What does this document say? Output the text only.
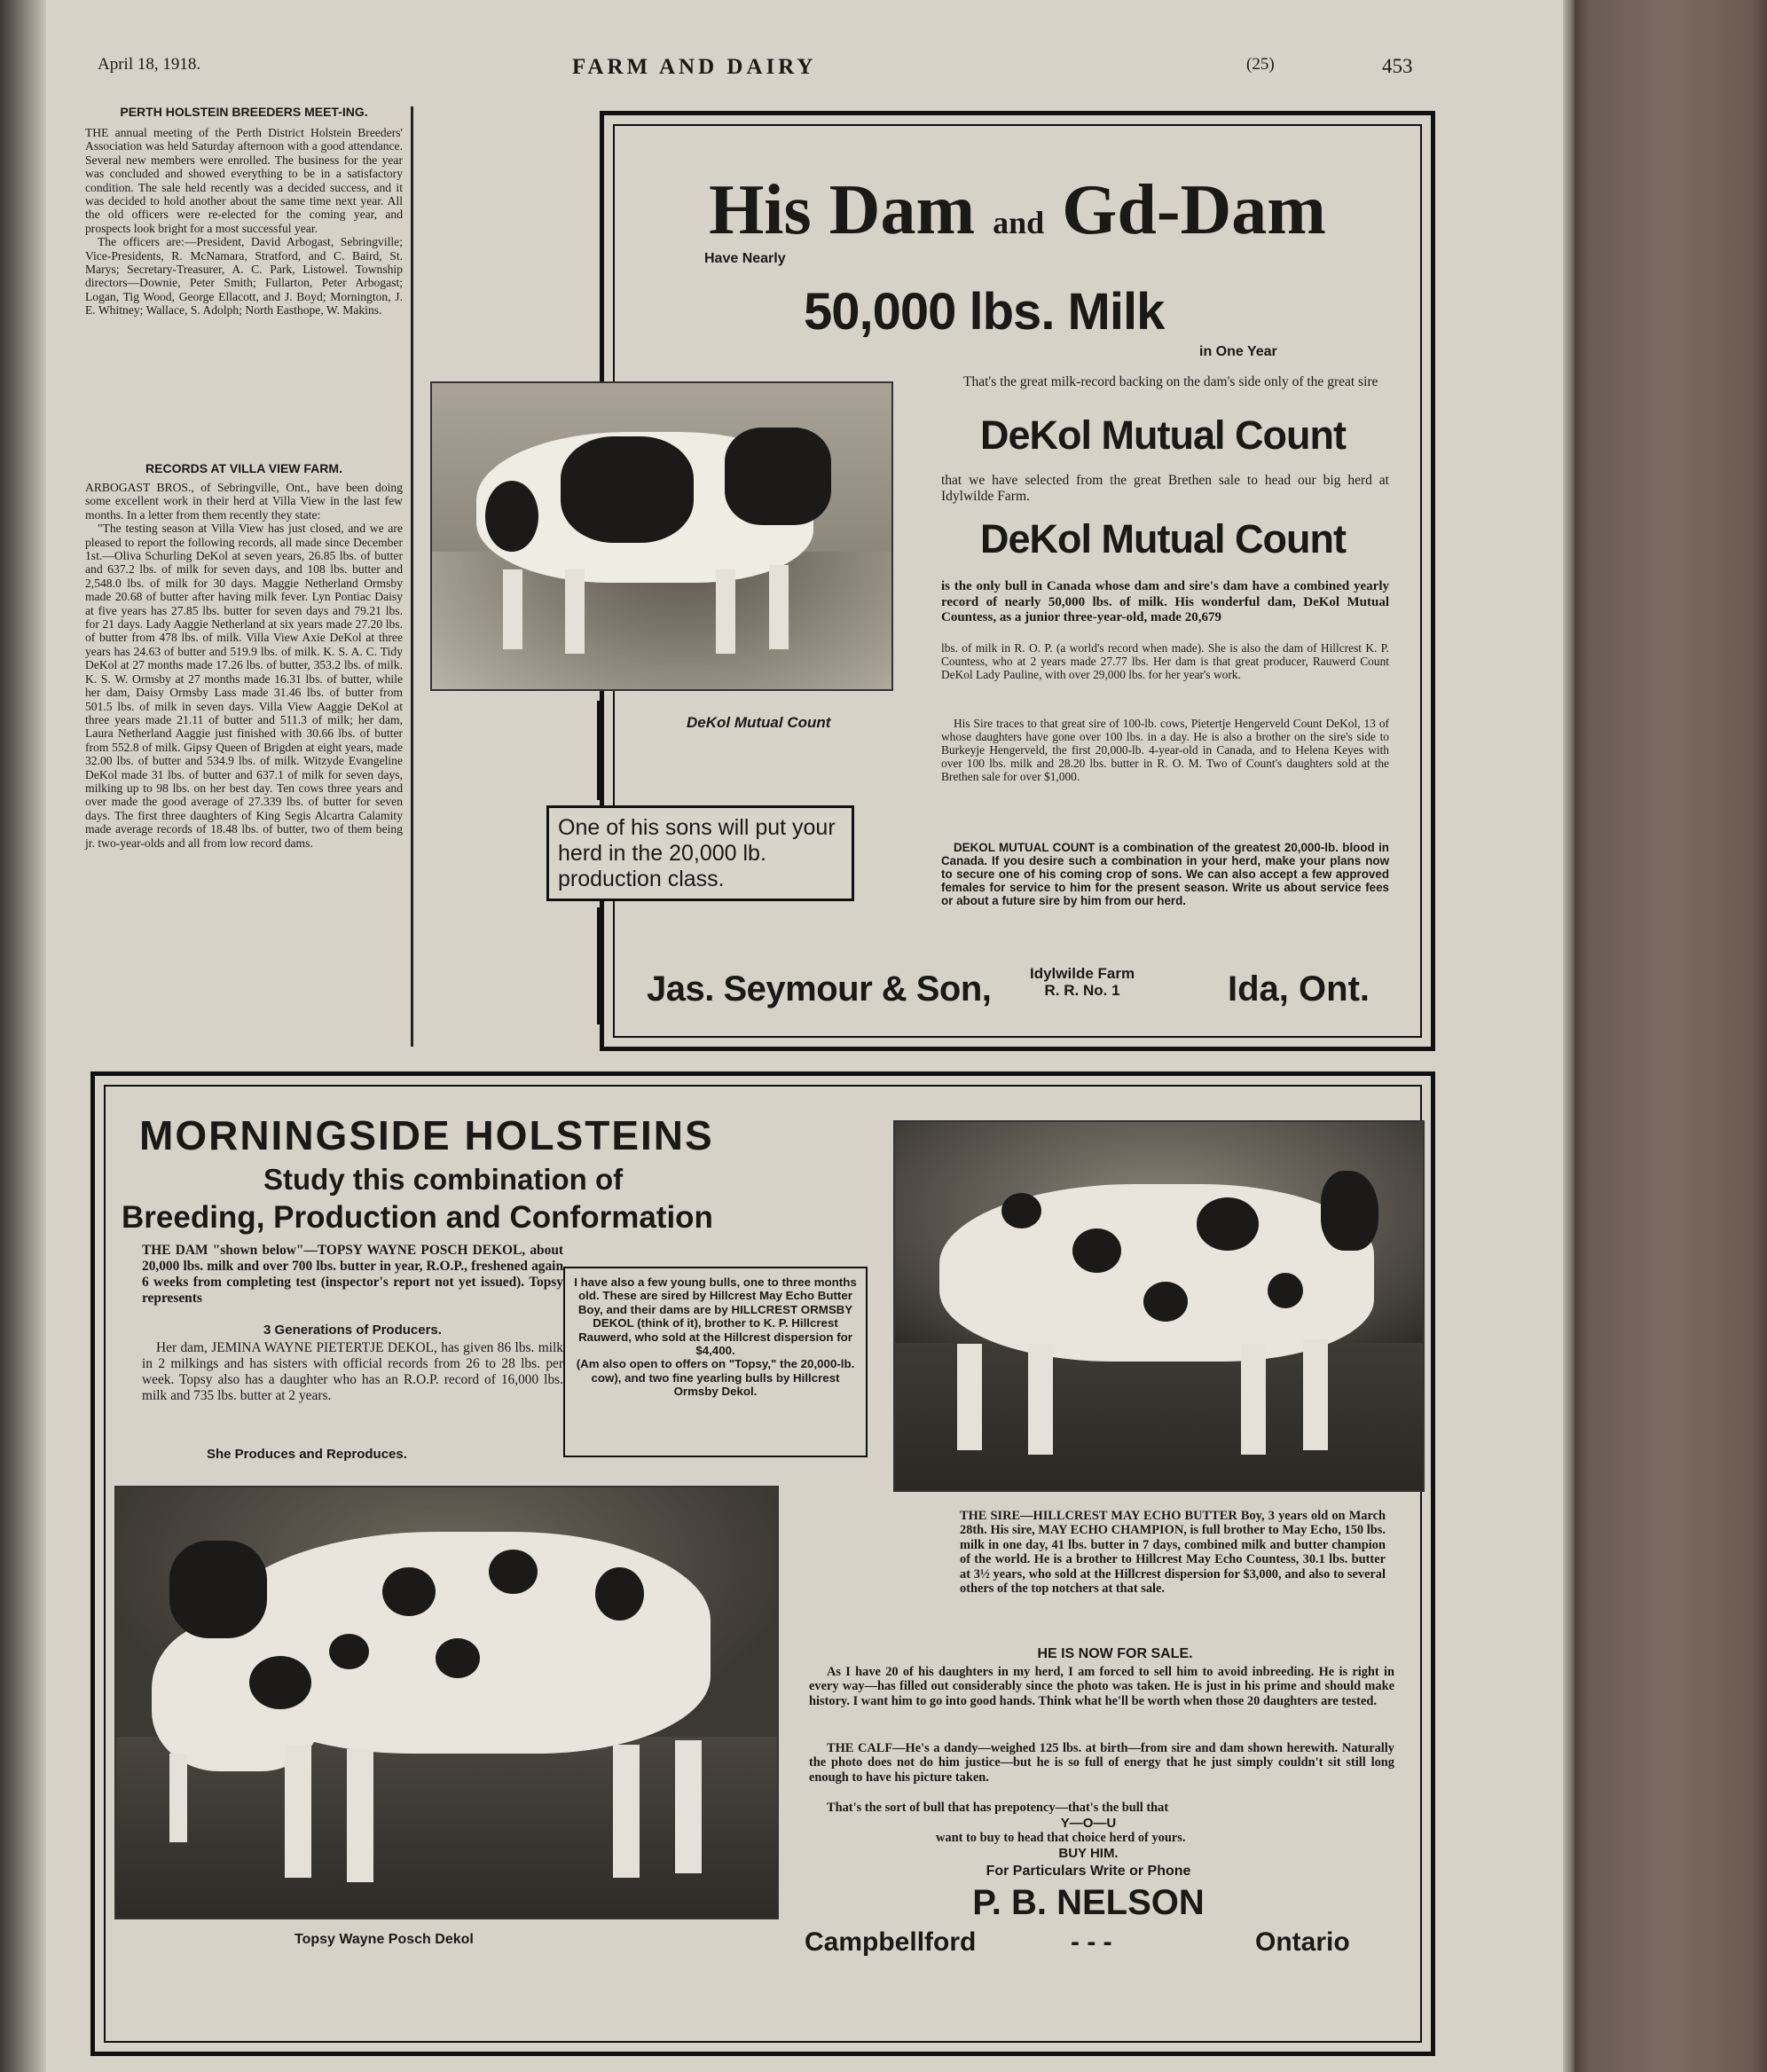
April 18, 1918.	FARM AND DAIRY	(25)	453
PERTH HOLSTEIN BREEDERS MEET-ING.

THE annual meeting of the Perth District Holstein Breeders' Association was held Saturday afternoon with a good attendance. Several new members were enrolled. The business for the year was concluded and showed everything to be in a satisfactory condition. The sale held recently was a decided success, and it was decided to hold another about the same time next year. All the old officers were re-elected for the coming year, and prospects look bright for a most successful year.

The officers are:—President, David Arbogast, Sebringville; Vice-Presidents, R. McNamara, Stratford, and C. Baird, St. Marys; Secretary-Treasurer, A. C. Park, Listowel. Township directors—Downie, Peter Smith; Fullarton, Peter Arbogast; Logan, Tig Wood, George Ellacott, and J. Boyd; Mornington, J. E. Whitney; Wallace, S. Adolph; North Easthope, W. Makins.

RECORDS AT VILLA VIEW FARM.

ARBOGAST BROS., of Sebringville, Ont., have been doing some excellent work in their herd at Villa View in the last few months. In a letter from them recently they state:

"The testing season at Villa View has just closed, and we are pleased to report the following records, all made since December 1st.—Oliva Schurling DeKol at seven years, 26.85 lbs. of butter and 637.2 lbs. of milk for seven days, and 108 lbs. butter and 2,548.0 lbs. of milk for 30 days. Maggie Netherland Ormsby made 20.68 of butter after having milk fever. Lyn Pontiac Daisy at five years has 27.85 lbs. butter for seven days and 79.21 lbs. for 21 days. Lady Aaggie Netherland at six years made 27.20 lbs. of butter from 478 lbs. of milk. Villa View Axie DeKol at three years has 24.63 of butter and 519.9 lbs. of milk. K. S. A. C. Tidy DeKol at 27 months made 17.26 lbs. of butter, 353.2 lbs. of milk. K. S. W. Ormsby at 27 months made 16.31 lbs. of butter, while her dam, Daisy Ormsby Lass made 31.46 lbs. of butter from 501.5 lbs. of milk in seven days. Villa View Aaggie DeKol at three years made 21.11 of butter and 511.3 of milk; her dam, Laura Netherland Aaggie just finished with 30.66 lbs. of butter from 552.8 of milk. Gipsy Queen of Brigden at eight years, made 32.00 lbs. of butter and 534.9 lbs. of milk. Witzyde Evangeline DeKol made 31 lbs. of butter and 637.1 of milk for seven days, milking up to 98 lbs. on her best day. Ten cows three years and over made the good average of 27.339 lbs. of butter for seven days. The first three daughters of King Segis Alcartra Calamity made average records of 18.48 lbs. of butter, two of them being jr. two-year-olds and all from low record dams.

His Dam and Gd-Dam
Have Nearly
50,000 lbs. Milk
in One Year
DeKol Mutual Count
That's the great milk-record backing on the dam's side only of the great sire
DeKol Mutual Count
that we have selected from the great Brethen sale to head our big herd at Idylwilde Farm.
DeKol Mutual Count
is the only bull in Canada whose dam and sire's dam have a combined yearly record of nearly 50,000 lbs. of milk. His wonderful dam, DeKol Mutual Countess, as a junior three-year-old, made 20,679
lbs. of milk in R. O. P. (a world's record when made). She is also the dam of Hillcrest K. P. Countess, who at 2 years made 27.77 lbs. Her dam is that great producer, Rauwerd Count DeKol Lady Pauline, with over 29,000 lbs. for her year's work.
His Sire traces to that great sire of 100-lb. cows, Pietertje Hengerveld Count DeKol, 13 of whose daughters have gone over 100 lbs. in a day. He is also a brother on the sire's side to Burkeyje Hengerveld, the first 20,000-lb. 4-year-old in Canada, and to Helena Keyes with over 100 lbs. milk and 28.20 lbs. butter in R. O. M. Two of Count's daughters sold at the Brethen sale for over $1,000.
DEKOL MUTUAL COUNT is a combination of the greatest 20,000-lb. blood in Canada. If you desire such a combination in your herd, make your plans now to secure one of his coming crop of sons. We can also accept a few approved females for service to him for the present season. Write us about service fees or about a future sire by him from our herd.
One of his sons will put your herd in the 20,000 lb. production class.
Jas. Seymour & Son,	Idylwilde Farm
R. R. No. 1	Ida, Ont.
MORNINGSIDE HOLSTEINS
Study this combination of
Breeding, Production and Conformation
THE DAM "shown below"—TOPSY WAYNE POSCH DEKOL, about 20,000 lbs. milk and over 700 lbs. butter in year, R.O.P., freshened again 6 weeks from completing test (inspector's report not yet issued). Topsy represents
3 Generations of Producers.
Her dam, JEMINA WAYNE PIETERTJE DEKOL, has given 86 lbs. milk in 2 milkings and has sisters with official records from 26 to 28 lbs. per week. Topsy also has a daughter who has an R.O.P. record of 16,000 lbs. milk and 735 lbs. butter at 2 years.
She Produces and Reproduces.
I have also a few young bulls, one to three months old. These are sired by Hillcrest May Echo Butter Boy, and their dams are by HILLCREST ORMSBY DEKOL (think of it), brother to K. P. Hillcrest Rauwerd, who sold at the Hillcrest dispersion for $4,400.
(Am also open to offers on "Topsy," the 20,000-lb. cow), and two fine yearling bulls by Hillcrest Ormsby Dekol.
Topsy Wayne Posch Dekol
THE SIRE—HILLCREST MAY ECHO BUTTER Boy, 3 years old on March 28th. His sire, MAY ECHO CHAMPION, is full brother to May Echo, 150 lbs. milk in one day, 41 lbs. butter in 7 days, combined milk and butter champion of the world. He is a brother to Hillcrest May Echo Countess, 30.1 lbs. butter at 3½ years, who sold at the Hillcrest dispersion for $3,000, and also to several others of the top notchers at that sale.
HE IS NOW FOR SALE.
As I have 20 of his daughters in my herd, I am forced to sell him to avoid inbreeding. He is right in every way—has filled out considerably since the photo was taken. He is just in his prime and should make history. I want him to go into good hands. Think what he'll be worth when those 20 daughters are tested.
THE CALF—He's a dandy—weighed 125 lbs. at birth—from sire and dam shown herewith. Naturally the photo does not do him justice—but he is so full of energy that he just simply couldn't sit still long enough to have his picture taken.
That's the sort of bull that has prepotency—that's the bull that
Y—O—U
want to buy to head that choice herd of yours.
BUY HIM.
For Particulars Write or Phone
P. B. NELSON
Campbellford	- - -	Ontario
